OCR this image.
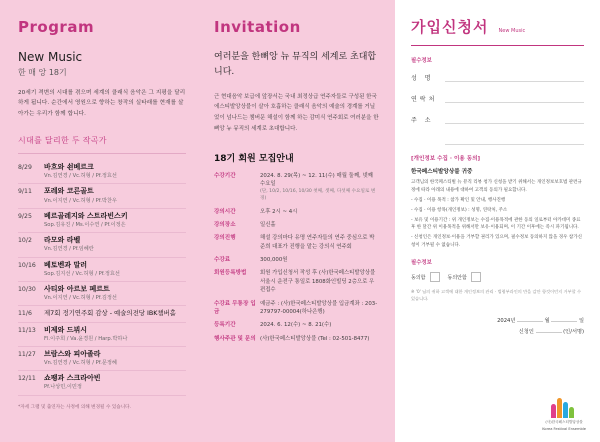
Program
New Music
한 매 앙 18기
20세기 격변의 시대를 겪으며 세계의 클래식 음악은 그 지평을 달리하게 됩니다. 순간에서 영원으로 향하는 창작의 실타래를 현재를 살아가는 우리가 함께 합니다.
시대를 달리한 두 작곡가
8/29	바흐와 쇤베르크
Vn.김연경 / Vc.허형 / Pf.정효선
9/11	포레와 코른골트
Vn.이지연 / Vc.허형 / Pf.박찬우
9/25	베르골레지와 스트라빈스키
Sop.김유진 / Ms.이수연 / Pf.이정은
10/2	라모와 라벨
Vn.김연경 / Pf.임혜란
10/16	베토벤과 말러
Sop.김지선 / Vc.허형 / Pf.정효선
10/30	사티와 아르보 페르트
Vn.이지연 / Vc.허형 / Pf.김정선
11/6	제7회 정기연주회 감상 - 예술의전당 IBK챔버홀
11/13	비제와 드뷔시
Fl.이주희 / Va.윤경원 / Harp.박하나
11/27	브람스와 피아졸라
Vn.김연경 / Vc.허형 / Pf.문정혜
12/11	쇼팽과 스크라아빈
Pf.나상민,이민정
*자세 그램 및 출연자는 사정에 의해 변경될 수 있습니다.
Invitation
여러분을 한뼈앙 뉴 뮤직의 세계로 초대합니다.
근 현대음악 보급에 앞장서는 국내 최정상급 연주자들로 구성된 한국에스티발앙상블이 살아 호흡하는 클래식 음악의 예술의 경계를 거닐었이 넘나드는 챔버문 해설이 함께 하는 감미식 연주회로 여러분을 한뼈앙 뉴 뮤직의 세계로 초대합니다.
18기 회원 모집안내
수강기간	2024. 8. 29(목) ~ 12. 11(수) 매월 둘째, 넷째 수요일
(단, 10/2, 10/16, 10/30 첫째, 셋째, 다섯째 수요일로 변경)
강의시간	오후 2시 ~ 4시
강의장소	일신홀
강의진행	해설 강의마다 유명 연주자들의 연주 중심으로 박준희 대표가 진행을 맡는 강의식 연주회
수강료	300,000원
회원등록방법	회원 가입신청서 작성 후 (사)한국페스티발앙상블 서울시 운전구 통일로 1808화인빌딩 2층으로 우편접수
수강료 무통장 입금
예금주 : (사)한국페스티발앙상블 입금계좌 : 203-279797-00004(하나은행)
등록기간	2024. 6. 12(수) ~ 8. 21(수)
행사주관 및 문의 (사)한국페스티발앙상블 (Tel : 02-501-8477)
가입신청서 New Music
필수정보
성 명
연락처
주 소
[개인정보 수집 · 이용 동의]
한국페스티발앙상블 귀중
고객님의 한국페스티벌 뉴 뮤직 리뷰 청가 신청을 받기 위해서는 개인정보보호법 관련규정에 따라 아래의 내용에 대하여 고객의 동의가 필요합니다.
- 수집 · 이용 목적 : 참가 확인 및 안내, 행사진행
- 수집 · 이용 항목(개인정보) : 성명, 연락처, 주소
- 보유 및 이용기간 : 위 개인정보는 수집·이용목적에 관한 동의 일로부터 아카데미 종료 후 한 달간 위 이용목적을 위해서만 보유·이용되며, 이 기간 이후에는 즉시 파기됩니다.
- 신청인은 개인정보·이용을 거부할 권리가 있으며, 필수정보 동의하지 않을 경우 참가신청이 거부될 수 없습니다.
필수정보
동의함	동의안함
※ '0' 님의 귀하 고객에 대한 개인정보의 관리 · 법령부과인의 만을 감안 항것이던지 거부할 수 있습니다.
2024년	월	일
신청인	(인/서명)
(사)한국페스티발앙상블
Korea Festival Ensemble
